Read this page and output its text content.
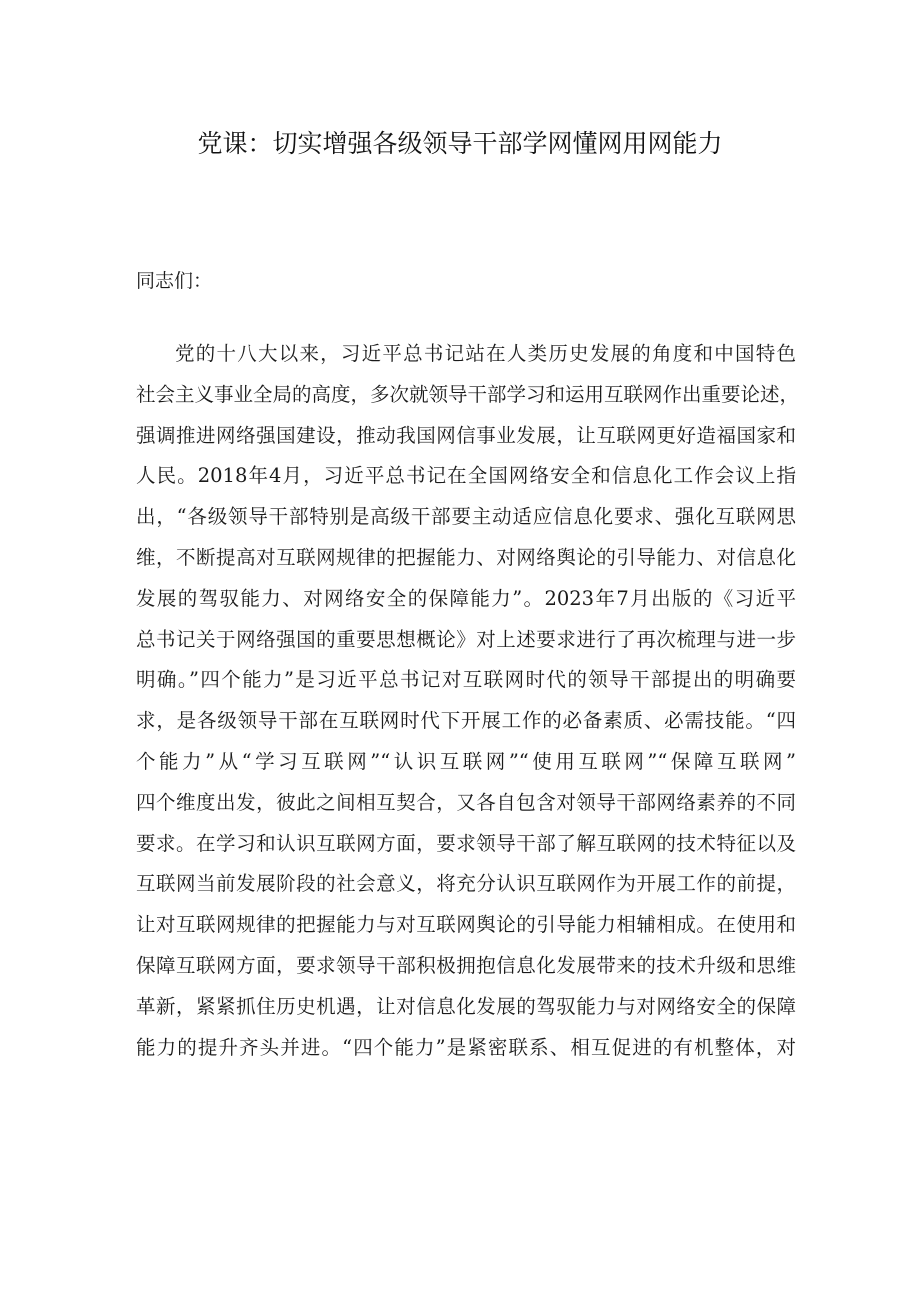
党课：切实增强各级领导干部学网懂网用网能力

同志们：

党的十八大以来，习近平总书记站在人类历史发展的角度和中国特色
社会主义事业全局的高度，多次就领导干部学习和运用互联网作出重要论述，
强调推进网络强国建设，推动我国网信事业发展，让互联网更好造福国家和
人民。2018年4月，习近平总书记在全国网络安全和信息化工作会议上指
出，“各级领导干部特别是高级干部要主动适应信息化要求、强化互联网思
维，不断提高对互联网规律的把握能力、对网络舆论的引导能力、对信息化
发展的驾驭能力、对网络安全的保障能力”。2023年7月出版的《习近平
总书记关于网络强国的重要思想概论》对上述要求进行了再次梳理与进一步
明确。”四个能力”是习近平总书记对互联网时代的领导干部提出的明确要
求，是各级领导干部在互联网时代下开展工作的必备素质、必需技能。“四
个能力”从“学习互联网”“认识互联网”“使用互联网”“保障互联网”
四个维度出发，彼此之间相互契合，又各自包含对领导干部网络素养的不同
要求。在学习和认识互联网方面，要求领导干部了解互联网的技术特征以及
互联网当前发展阶段的社会意义，将充分认识互联网作为开展工作的前提，
让对互联网规律的把握能力与对互联网舆论的引导能力相辅相成。在使用和
保障互联网方面，要求领导干部积极拥抱信息化发展带来的技术升级和思维
革新，紧紧抓住历史机遇，让对信息化发展的驾驭能力与对网络安全的保障
能力的提升齐头并进。“四个能力”是紧密联系、相互促进的有机整体，对
